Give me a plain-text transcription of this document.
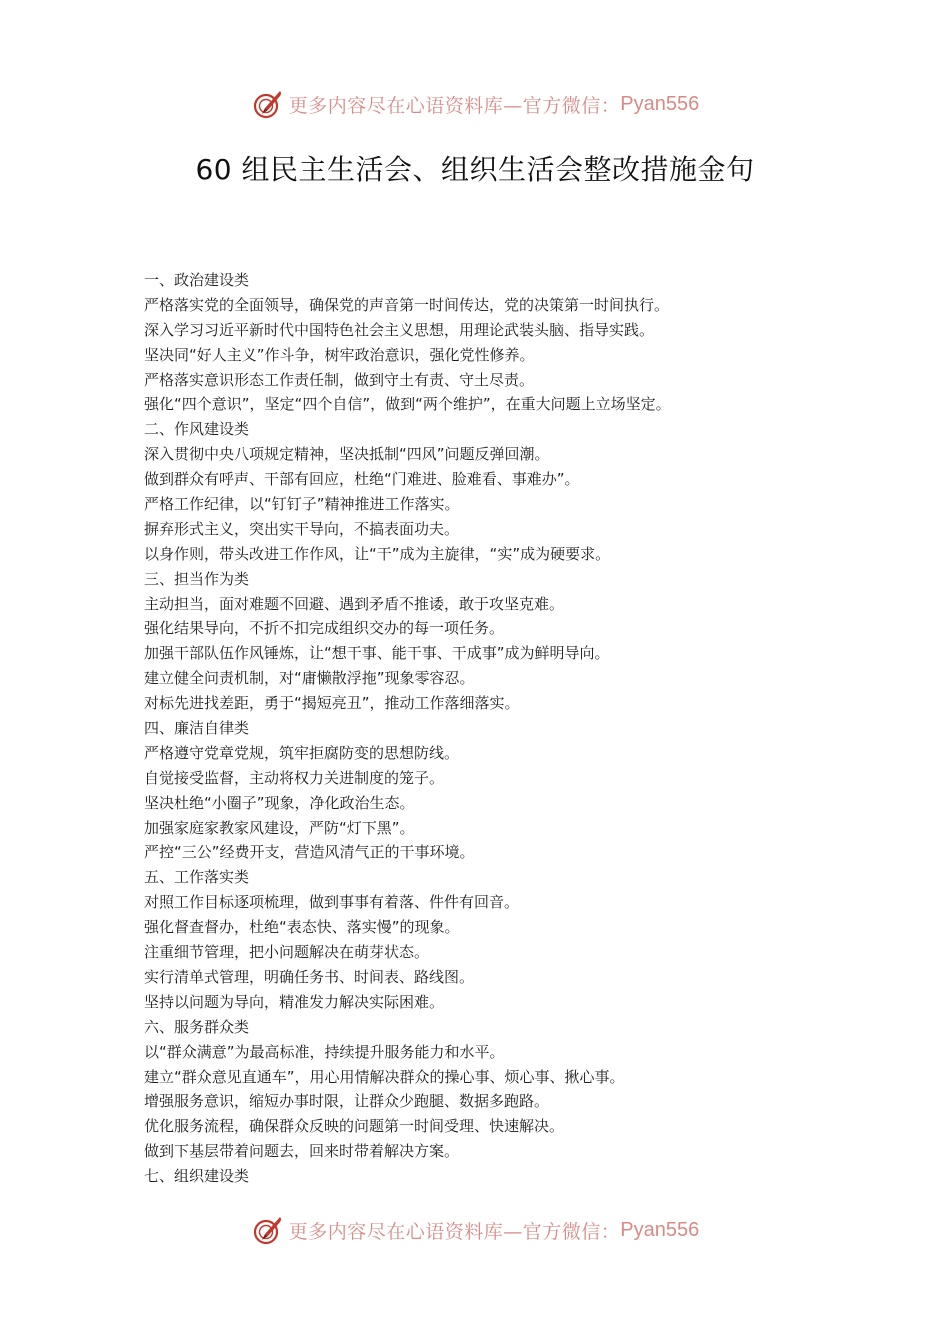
更多内容尽在心语资料库—官方微信： Pyan556
60 组民主生活会、组织生活会整改措施金句
一、政治建设类
严格落实党的全面领导，确保党的声音第一时间传达，党的决策第一时间执行。
深入学习习近平新时代中国特色社会主义思想，用理论武装头脑、指导实践。
坚决同“好人主义”作斗争，树牢政治意识，强化党性修养。
严格落实意识形态工作责任制，做到守土有责、守土尽责。
强化“四个意识”，坚定“四个自信”，做到“两个维护”，在重大问题上立场坚定。
二、作风建设类
深入贯彻中央八项规定精神，坚决抵制“四风”问题反弹回潮。
做到群众有呼声、干部有回应，杜绝“门难进、脸难看、事难办”。
严格工作纪律，以“钉钉子”精神推进工作落实。
摒弃形式主义，突出实干导向，不搞表面功夫。
以身作则，带头改进工作作风，让“干”成为主旋律，“实”成为硬要求。
三、担当作为类
主动担当，面对难题不回避、遇到矛盾不推诿，敢于攻坚克难。
强化结果导向，不折不扣完成组织交办的每一项任务。
加强干部队伍作风锤炼，让“想干事、能干事、干成事”成为鲜明导向。
建立健全问责机制，对“庸懒散浮拖”现象零容忍。
对标先进找差距，勇于“揭短亮丑”，推动工作落细落实。
四、廉洁自律类
严格遵守党章党规，筑牢拒腐防变的思想防线。
自觉接受监督，主动将权力关进制度的笼子。
坚决杜绝“小圈子”现象，净化政治生态。
加强家庭家教家风建设，严防“灯下黑”。
严控“三公”经费开支，营造风清气正的干事环境。
五、工作落实类
对照工作目标逐项梳理，做到事事有着落、件件有回音。
强化督查督办，杜绝“表态快、落实慢”的现象。
注重细节管理，把小问题解决在萌芽状态。
实行清单式管理，明确任务书、时间表、路线图。
坚持以问题为导向，精准发力解决实际困难。
六、服务群众类
以“群众满意”为最高标准，持续提升服务能力和水平。
建立“群众意见直通车”，用心用情解决群众的操心事、烦心事、揪心事。
增强服务意识，缩短办事时限，让群众少跑腿、数据多跑路。
优化服务流程，确保群众反映的问题第一时间受理、快速解决。
做到下基层带着问题去，回来时带着解决方案。
七、组织建设类
更多内容尽在心语资料库—官方微信： Pyan556
